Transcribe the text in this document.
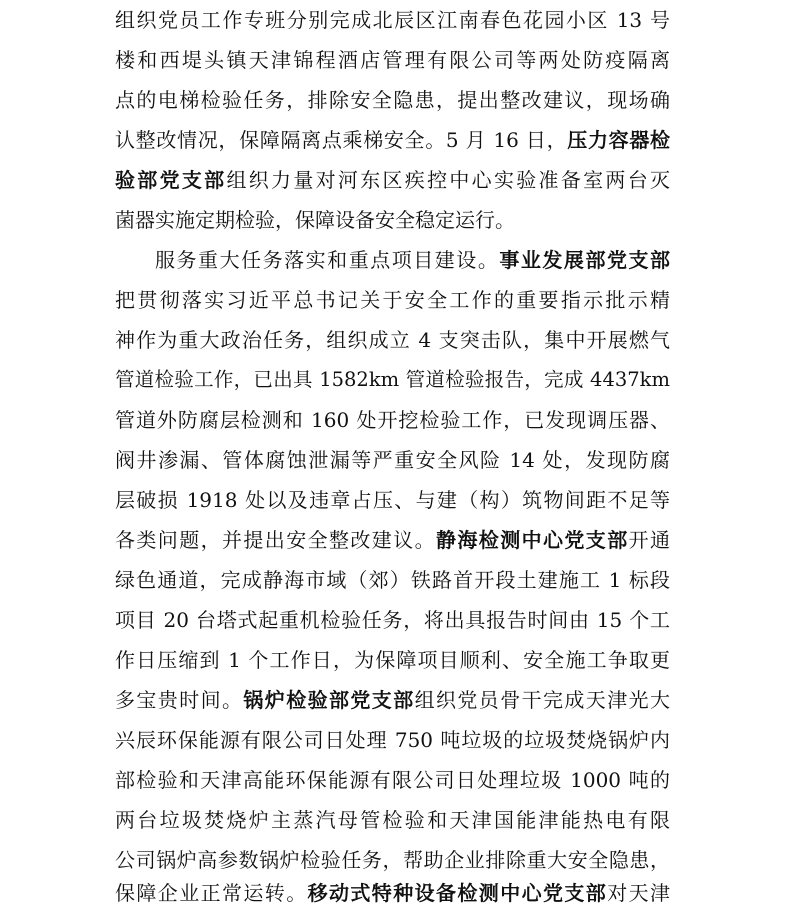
组织党员工作专班分别完成北辰区江南春色花园小区 13 号
楼和西堤头镇天津锦程酒店管理有限公司等两处防疫隔离
点的电梯检验任务，排除安全隐患，提出整改建议，现场确
认整改情况，保障隔离点乘梯安全。5 月 16 日，压力容器检
验部党支部组织力量对河东区疾控中心实验准备室两台灭
菌器实施定期检验，保障设备安全稳定运行。
服务重大任务落实和重点项目建设。事业发展部党支部
把贯彻落实习近平总书记关于安全工作的重要指示批示精
神作为重大政治任务，组织成立 4 支突击队，集中开展燃气
管道检验工作，已出具 1582km 管道检验报告，完成 4437km
管道外防腐层检测和 160 处开挖检验工作，已发现调压器、
阀井渗漏、管体腐蚀泄漏等严重安全风险 14 处，发现防腐
层破损 1918 处以及违章占压、与建（构）筑物间距不足等
各类问题，并提出安全整改建议。静海检测中心党支部开通
绿色通道，完成静海市域（郊）铁路首开段土建施工 1 标段
项目 20 台塔式起重机检验任务，将出具报告时间由 15 个工
作日压缩到 1 个工作日，为保障项目顺利、安全施工争取更
多宝贵时间。锅炉检验部党支部组织党员骨干完成天津光大
兴辰环保能源有限公司日处理 750 吨垃圾的垃圾焚烧锅炉内
部检验和天津高能环保能源有限公司日处理垃圾 1000 吨的
两台垃圾焚烧炉主蒸汽母管检验和天津国能津能热电有限
公司锅炉高参数锅炉检验任务，帮助企业排除重大安全隐患，
保障企业正常运转。移动式特种设备检测中心党支部对天津
